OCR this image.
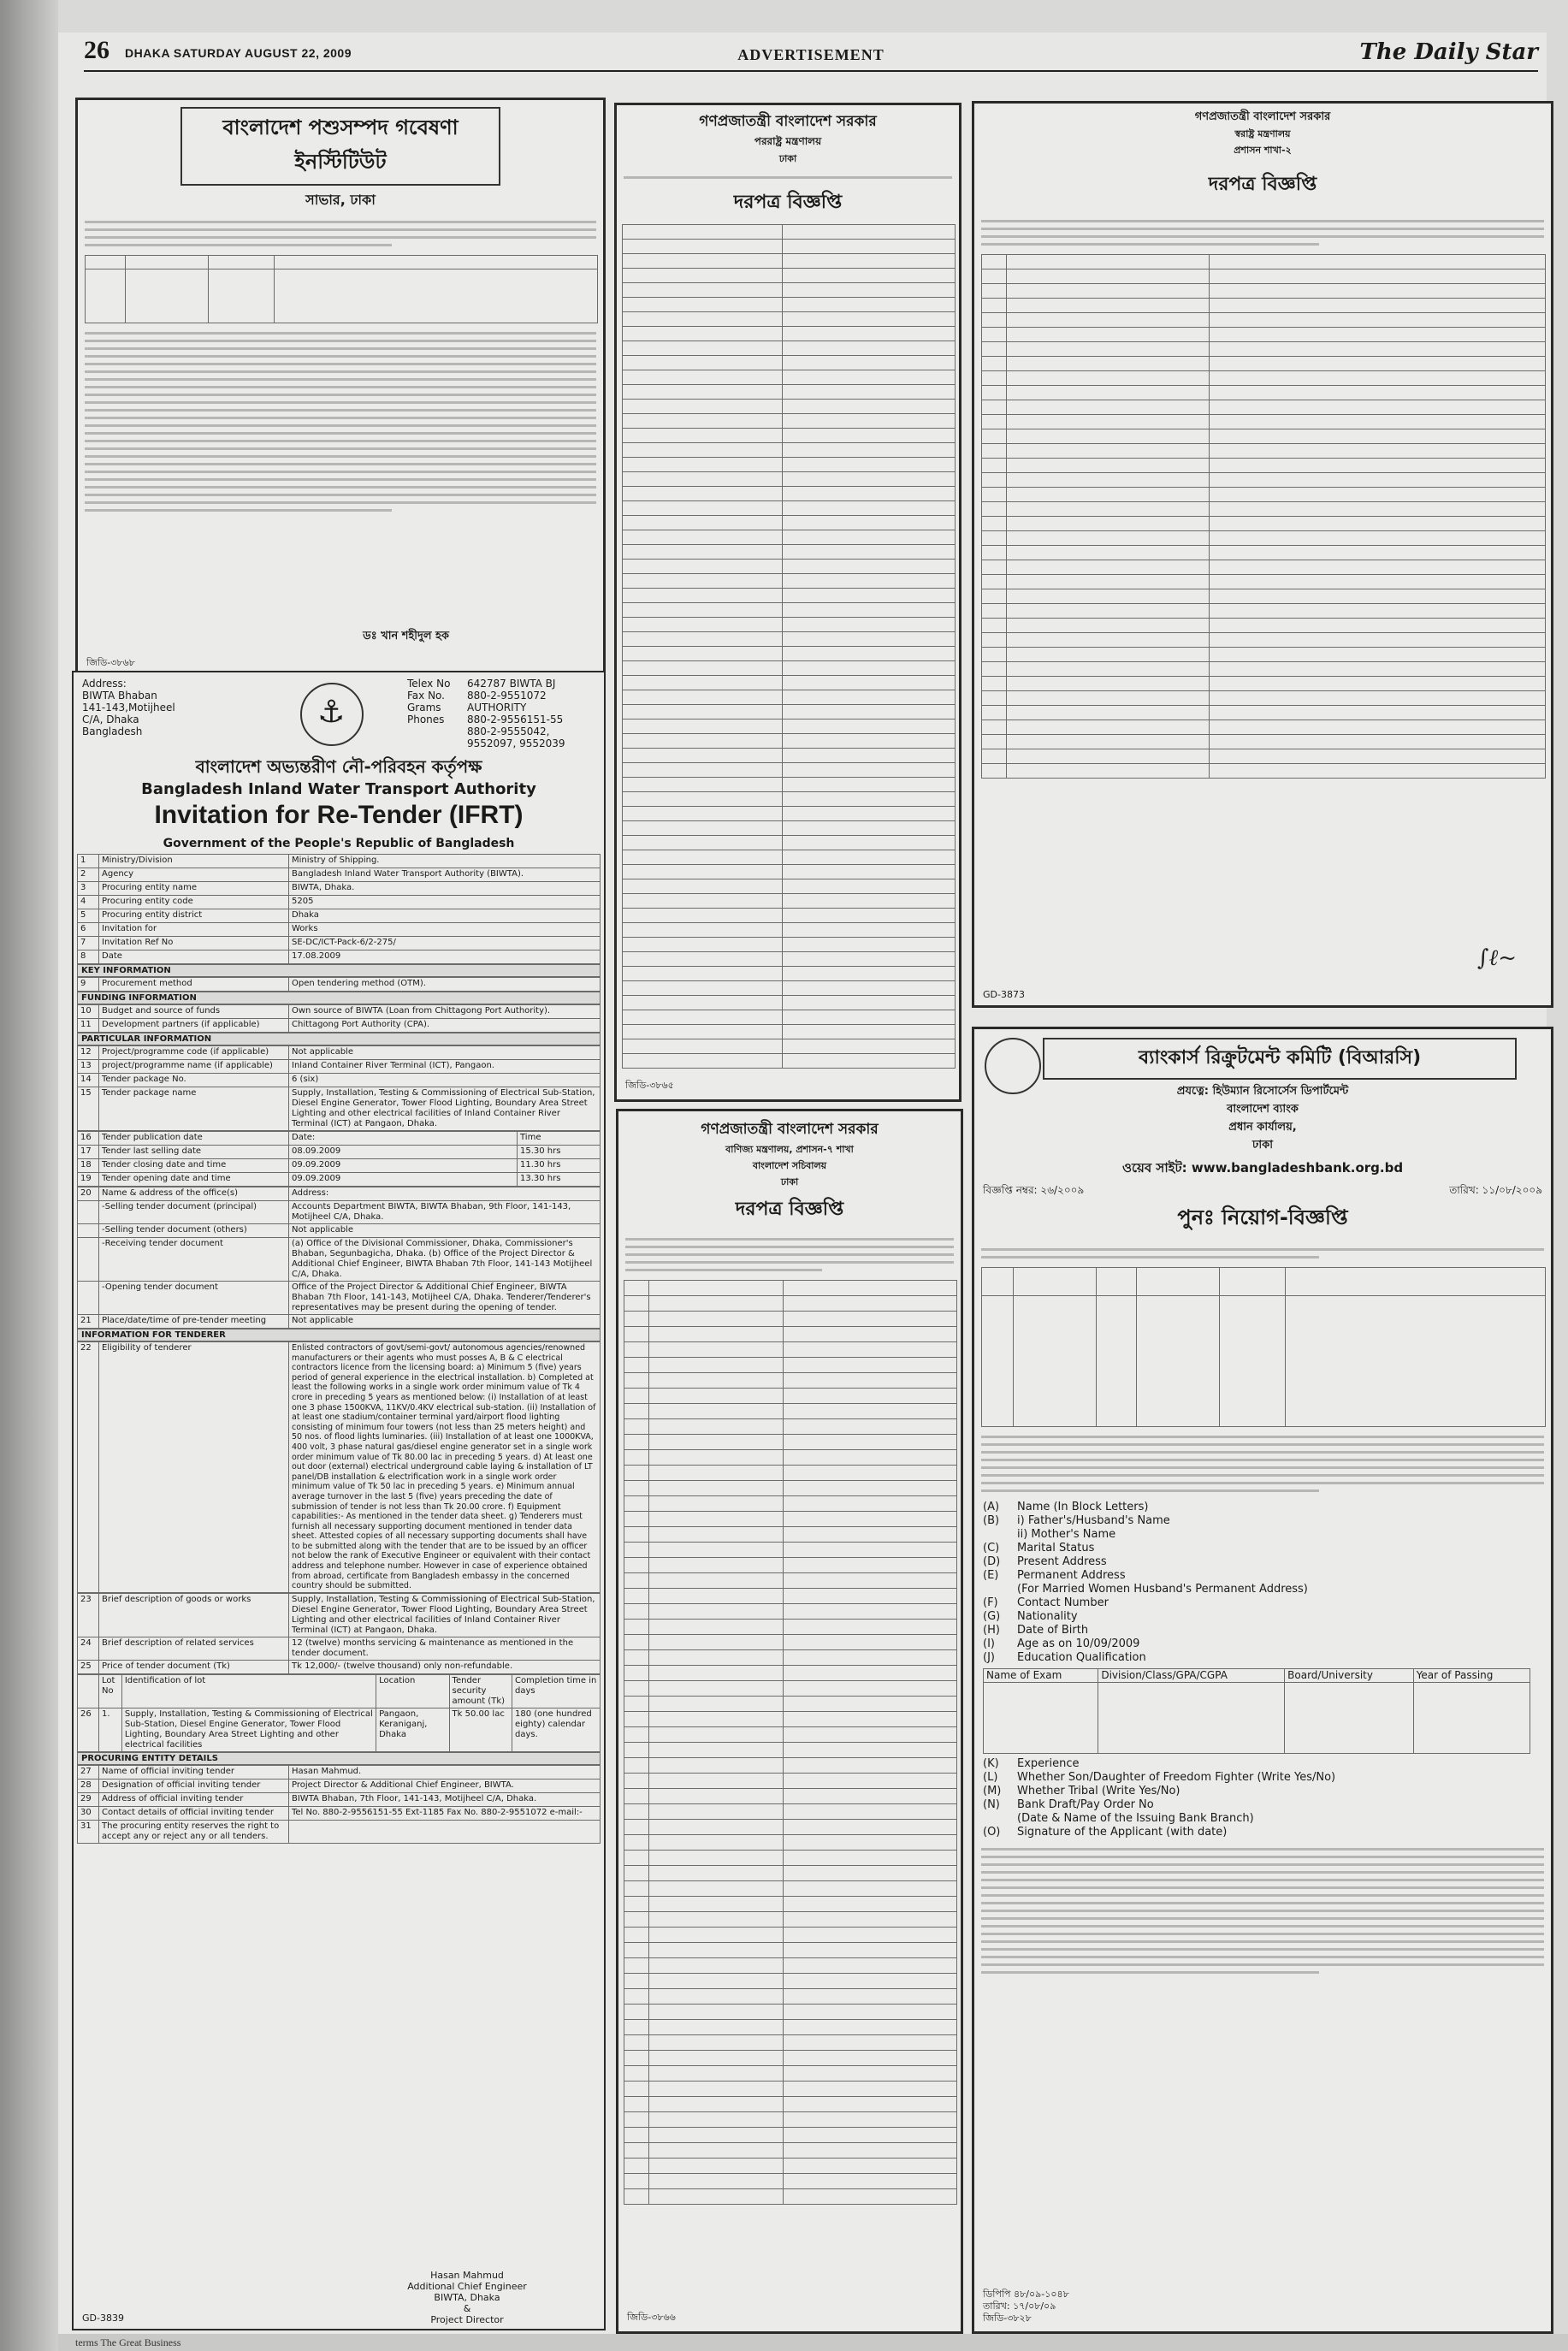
26 DHAKA SATURDAY AUGUST 22, 2009	ADVERTISEMENT	The Daily Star
বাংলাদেশ পশুসম্পদ গবেষণা ইনস্টিটিউট
সাভার, ঢাকা

ডঃ খান শহীদুল হক
জিডি-৩৮৬৮
গণপ্রজাতন্ত্রী বাংলাদেশ সরকার
পররাষ্ট্র মন্ত্রণালয়
ঢাকা
দরপত্র বিজ্ঞপ্তি

জিডি-৩৮৬৫
গণপ্রজাতন্ত্রী বাংলাদেশ সরকার
স্বরাষ্ট্র মন্ত্রণালয়
প্রশাসন শাখা-২
দরপত্র বিজ্ঞপ্তি

∫ℓ~
GD-3873
Address:
BIWTA Bhaban
141-143,Motijheel
C/A, Dhaka
Bangladesh
⚓
Telex No 642787 BIWTA BJ
Fax No. 880-2-9551072
Grams	AUTHORITY
Phones 880-2-9556151-55
880-2-9555042,
9552097, 9552039
বাংলাদেশ অভ্যন্তরীণ নৌ-পরিবহন কর্তৃপক্ষ
Bangladesh Inland Water Transport Authority
Invitation for Re-Tender (IFRT)
Government of the People's Republic of Bangladesh
1	Ministry/Division	Ministry of Shipping.
2	Agency	Bangladesh Inland Water Transport Authority (BIWTA).
3	Procuring entity name	BIWTA, Dhaka.
4	Procuring entity code	5205
5	Procuring entity district	Dhaka
6	Invitation for	Works
7	Invitation Ref No	SE-DC/ICT-Pack-6/2-275/
8	Date	17.08.2009
KEY INFORMATION
9	Procurement method	Open tendering method (OTM).
FUNDING INFORMATION
10	Budget and source of funds	Own source of BIWTA (Loan from Chittagong Port Authority).
11	Development partners (if applicable)	Chittagong Port Authority (CPA).
PARTICULAR INFORMATION
12	Project/programme code (if applicable)	Not applicable
13	project/programme name (if applicable)	Inland Container River Terminal (ICT), Pangaon.
14	Tender package No.	6 (six)
15	Tender package name	Supply, Installation, Testing & Commissioning of Electrical Sub-Station, Diesel Engine Generator, Tower Flood Lighting, Boundary Area Street Lighting and other electrical facilities of Inland Container River Terminal (ICT) at Pangaon, Dhaka.
16	Tender publication date	Date:	Time
17	Tender last selling date	08.09.2009	15.30 hrs
18	Tender closing date and time	09.09.2009	11.30 hrs
19	Tender opening date and time	09.09.2009	13.30 hrs
20	Name & address of the office(s)	Address:
	-Selling tender document (principal)	Accounts Department BIWTA, BIWTA Bhaban, 9th Floor, 141-143, Motijheel C/A, Dhaka.
	-Selling tender document (others)	Not applicable
	-Receiving tender document	(a) Office of the Divisional Commissioner, Dhaka, Commissioner's Bhaban, Segunbagicha, Dhaka. (b) Office of the Project Director & Additional Chief Engineer, BIWTA Bhaban 7th Floor, 141-143 Motijheel C/A, Dhaka.
	-Opening tender document	Office of the Project Director & Additional Chief Engineer, BIWTA Bhaban 7th Floor, 141-143, Motijheel C/A, Dhaka. Tenderer/Tenderer's representatives may be present during the opening of tender.
21	Place/date/time of pre-tender meeting	Not applicable
INFORMATION FOR TENDERER
22	Eligibility of tenderer	Enlisted contractors of govt/semi-govt/ autonomous agencies/renowned manufacturers or their agents who must posses A, B & C electrical contractors licence from the licensing board: a) Minimum 5 (five) years period of general experience in the electrical installation. b) Completed at least the following works in a single work order minimum value of Tk 4 crore in preceding 5 years as mentioned below: (i) Installation of at least one 3 phase 1500KVA, 11KV/0.4KV electrical sub-station. (ii) Installation of at least one stadium/container terminal yard/airport flood lighting consisting of minimum four towers (not less than 25 meters height) and 50 nos. of flood lights luminaries. (iii) Installation of at least one 1000KVA, 400 volt, 3 phase natural gas/diesel engine generator set in a single work order minimum value of Tk 80.00 lac in preceding 5 years. d) At least one out door (external) electrical underground cable laying & installation of LT panel/DB installation & electrification work in a single work order minimum value of Tk 50 lac in preceding 5 years. e) Minimum annual average turnover in the last 5 (five) years preceding the date of submission of tender is not less than Tk 20.00 crore. f) Equipment capabilities:- As mentioned in the tender data sheet. g) Tenderers must furnish all necessary supporting document mentioned in tender data sheet. Attested copies of all necessary supporting documents shall have to be submitted along with the tender that are to be issued by an officer not below the rank of Executive Engineer or equivalent with their contact address and telephone number. However in case of experience obtained from abroad, certificate from Bangladesh embassy in the concerned country should be submitted.
23	Brief description of goods or works	Supply, Installation, Testing & Commissioning of Electrical Sub-Station, Diesel Engine Generator, Tower Flood Lighting, Boundary Area Street Lighting and other electrical facilities of Inland Container River Terminal (ICT) at Pangaon, Dhaka.
24	Brief description of related services	12 (twelve) months servicing & maintenance as mentioned in the tender document.
25	Price of tender document (Tk)	Tk 12,000/- (twelve thousand) only non-refundable.
	Lot No	Identification of lot	Location	Tender security amount (Tk)	Completion time in days
26	1.	Supply, Installation, Testing & Commissioning of Electrical Sub-Station, Diesel Engine Generator, Tower Flood Lighting, Boundary Area Street Lighting and other electrical facilities	Pangaon, Keraniganj, Dhaka	Tk 50.00 lac	180 (one hundred eighty) calendar days.
PROCURING ENTITY DETAILS
27	Name of official inviting tender	Hasan Mahmud.
28	Designation of official inviting tender	Project Director & Additional Chief Engineer, BIWTA.
29	Address of official inviting tender	BIWTA Bhaban, 7th Floor, 141-143, Motijheel C/A, Dhaka.
30	Contact details of official inviting tender	Tel No. 880-2-9556151-55 Ext-1185 Fax No. 880-2-9551072 e-mail:-
31	The procuring entity reserves the right to accept any or reject any or all tenders.	
Hasan Mahmud
Additional Chief Engineer
BIWTA, Dhaka
&
Project Director
GD-3839
গণপ্রজাতন্ত্রী বাংলাদেশ সরকার
বাণিজ্য মন্ত্রণালয়, প্রশাসন-৭ শাখা
বাংলাদেশ সচিবালয়
ঢাকা
দরপত্র বিজ্ঞপ্তি

জিডি-৩৮৬৬
ব্যাংকার্স রিক্রুটমেন্ট কমিটি (বিআরসি)
প্রযত্নে: হিউম্যান রিসোর্সেস ডিপার্টমেন্ট
বাংলাদেশ ব্যাংক
প্রধান কার্যালয়,
ঢাকা
ওয়েব সাইট: www.bangladeshbank.org.bd
বিজ্ঞপ্তি নম্বর: ২৬/২০০৯	তারিখ: ১১/০৮/২০০৯
পুনঃ নিয়োগ-বিজ্ঞপ্তি

(A) Name (In Block Letters)
(B) i) Father's/Husband's Name
ii) Mother's Name
(C) Marital Status
(D) Present Address
(E) Permanent Address
(For Married Women Husband's Permanent Address)
(F) Contact Number
(G) Nationality
(H) Date of Birth
(I) Age as on 10/09/2009
(J) Education Qualification
Name of Exam	Division/Class/GPA/CGPA	Board/University	Year of Passing

(K) Experience
(L) Whether Son/Daughter of Freedom Fighter (Write Yes/No)
(M) Whether Tribal (Write Yes/No)
(N) Bank Draft/Pay Order No
(Date & Name of the Issuing Bank Branch)
(O) Signature of the Applicant (with date)
ডিপিপি ৪৮/০৯-১০৪৮
তারিখ: ১৭/০৮/০৯
জিডি-৩৮২৮
terms The Great Business
